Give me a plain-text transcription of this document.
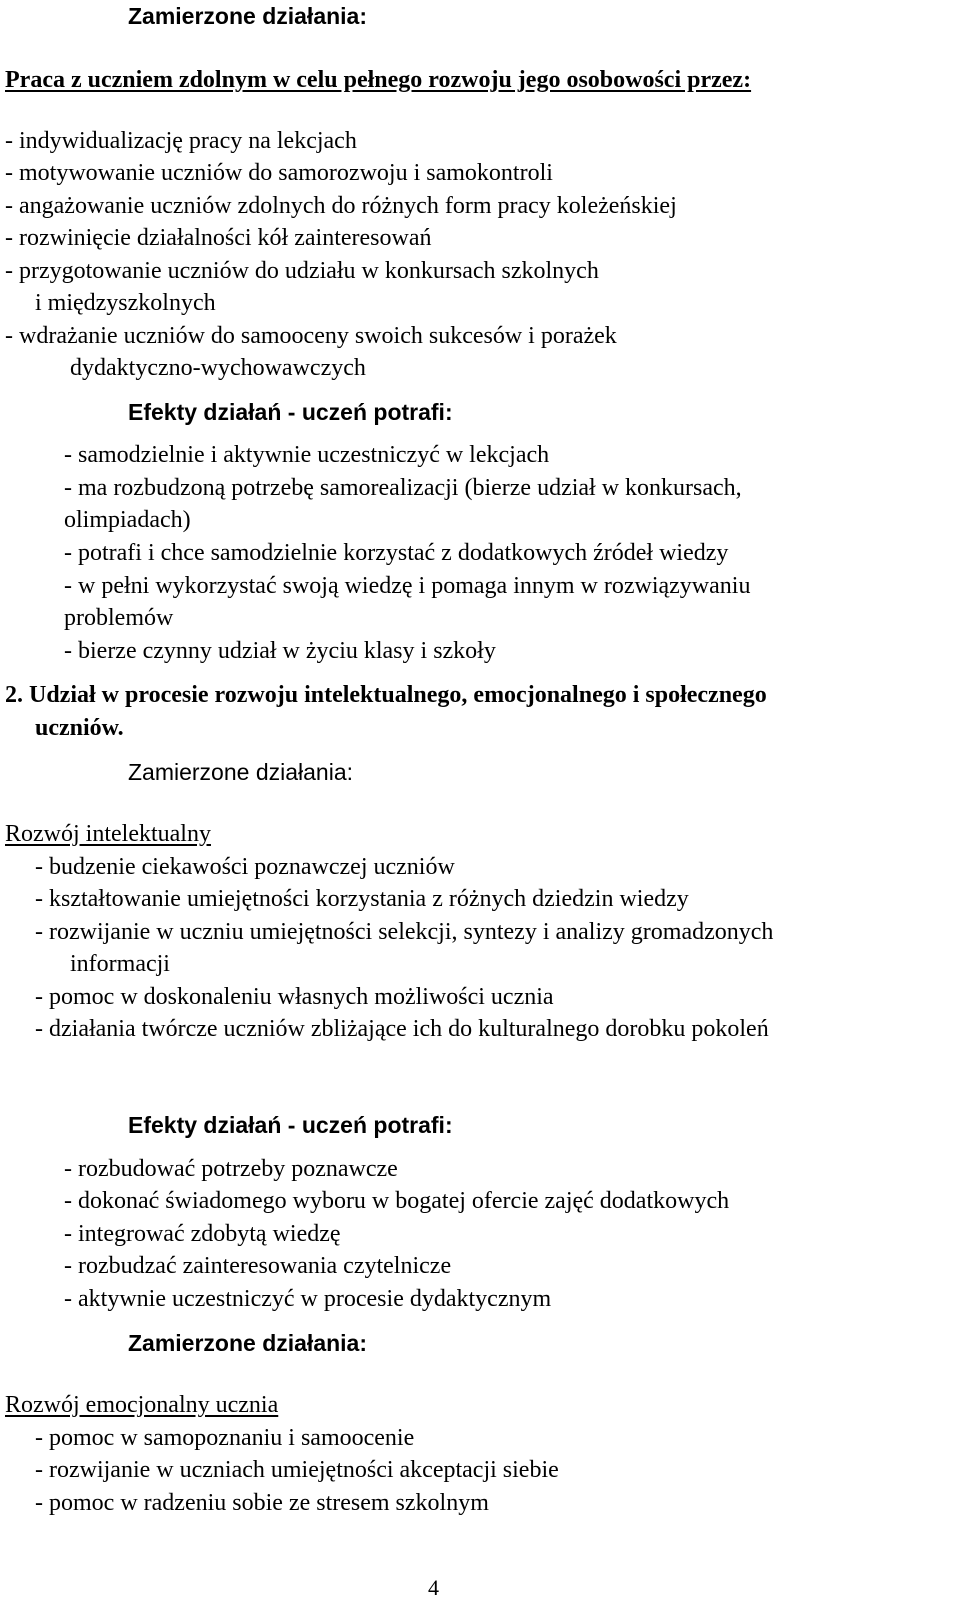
Zamierzone działania:
Praca z uczniem zdolnym w celu pełnego rozwoju jego osobowości przez:
- indywidualizację pracy na lekcjach
- motywowanie uczniów do samorozwoju i samokontroli
- angażowanie uczniów zdolnych do różnych form pracy koleżeńskiej
- rozwinięcie działalności kół zainteresowań
- przygotowanie uczniów do udziału w konkursach szkolnych
i międzyszkolnych
- wdrażanie uczniów do samooceny swoich sukcesów i porażek
dydaktyczno-wychowawczych
Efekty działań - uczeń potrafi:
- samodzielnie i aktywnie uczestniczyć w lekcjach
- ma rozbudzoną potrzebę samorealizacji (bierze udział w konkursach,
olimpiadach)
- potrafi i chce samodzielnie korzystać z dodatkowych źródeł wiedzy
- w pełni wykorzystać swoją wiedzę i pomaga innym w rozwiązywaniu
problemów
- bierze czynny udział w życiu klasy i szkoły
2. Udział w procesie rozwoju intelektualnego, emocjonalnego i społecznego
uczniów.
Zamierzone działania:
Rozwój intelektualny
- budzenie ciekawości poznawczej uczniów
- kształtowanie umiejętności korzystania z różnych dziedzin wiedzy
- rozwijanie w uczniu umiejętności selekcji, syntezy i analizy gromadzonych
informacji
- pomoc w doskonaleniu własnych możliwości ucznia
- działania twórcze uczniów zbliżające ich do kulturalnego dorobku pokoleń
Efekty działań - uczeń potrafi:
- rozbudować potrzeby poznawcze
- dokonać świadomego wyboru w bogatej ofercie zajęć dodatkowych
- integrować zdobytą wiedzę
- rozbudzać zainteresowania czytelnicze
- aktywnie uczestniczyć w procesie dydaktycznym
Zamierzone działania:
Rozwój emocjonalny ucznia
- pomoc w samopoznaniu i samoocenie
- rozwijanie w uczniach umiejętności akceptacji siebie
- pomoc w radzeniu sobie ze stresem szkolnym
4
